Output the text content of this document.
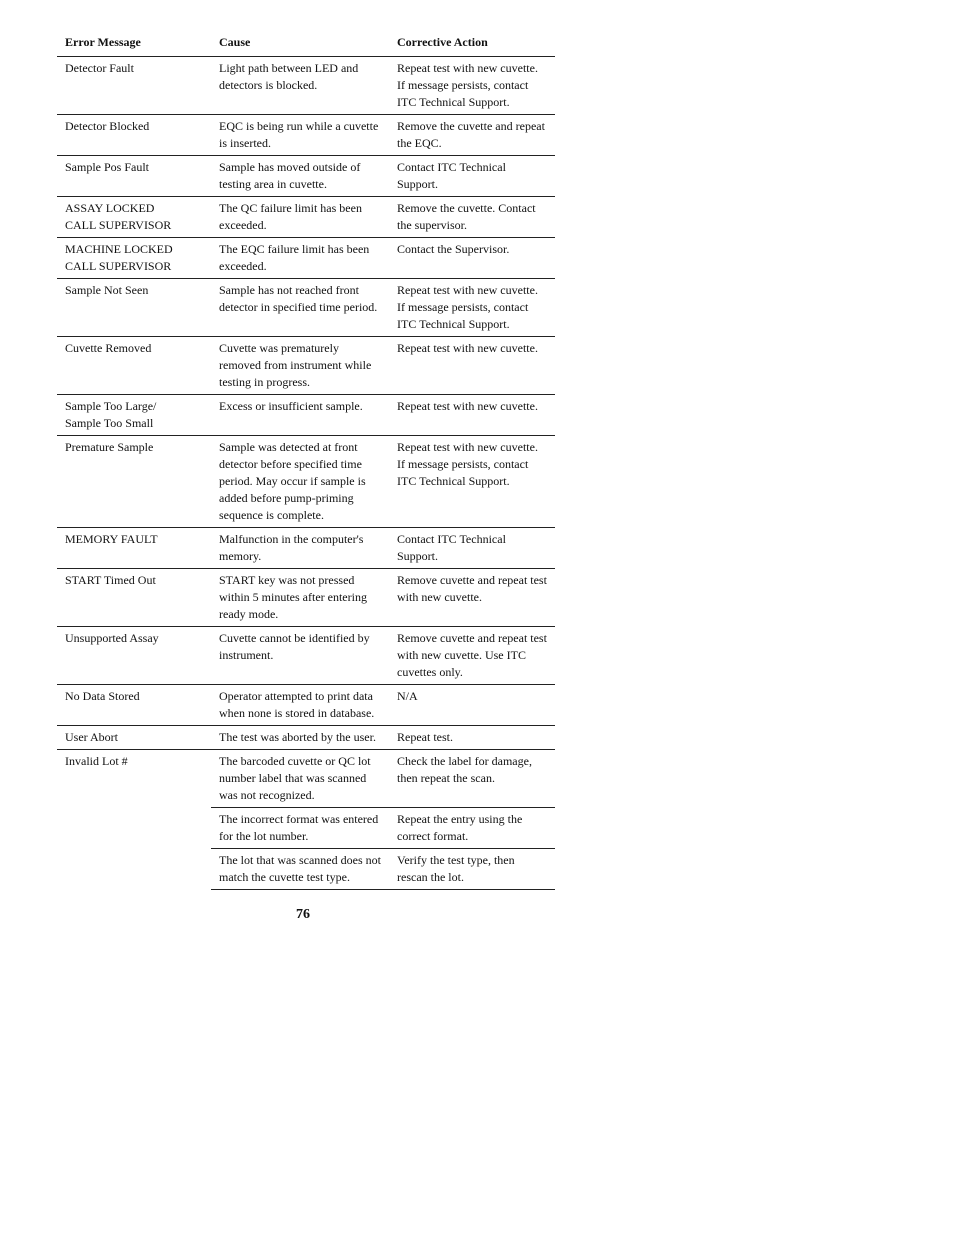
Error Message	Cause	Corrective Action
Detector Fault	Light path between LED and detectors is blocked.	Repeat test with new cuvette. If message persists, contact ITC Technical Support.
Detector Blocked	EQC is being run while a cuvette is inserted.	Remove the cuvette and repeat the EQC.
Sample Pos Fault	Sample has moved outside of testing area in cuvette.	Contact ITC Technical Support.
ASSAY LOCKED
CALL SUPERVISOR	The QC failure limit has been exceeded.	Remove the cuvette. Contact the supervisor.
MACHINE LOCKED
CALL SUPERVISOR	The EQC failure limit has been exceeded.	Contact the Supervisor.
Sample Not Seen	Sample has not reached front detector in specified time period.	Repeat test with new cuvette. If message persists, contact ITC Technical Support.
Cuvette Removed	Cuvette was prematurely removed from instrument while testing in progress.	Repeat test with new cuvette.
Sample Too Large/
Sample Too Small	Excess or insufficient sample.	Repeat test with new cuvette.
Premature Sample	Sample was detected at front detector before specified time period. May occur if sample is added before pump-priming sequence is complete.	Repeat test with new cuvette. If message persists, contact ITC Technical Support.
MEMORY FAULT	Malfunction in the computer's memory.	Contact ITC Technical Support.
START Timed Out	START key was not pressed within 5 minutes after entering ready mode.	Remove cuvette and repeat test with new cuvette.
Unsupported Assay	Cuvette cannot be identified by instrument.	Remove cuvette and repeat test with new cuvette. Use ITC cuvettes only.
No Data Stored	Operator attempted to print data when none is stored in database.	N/A
User Abort	The test was aborted by the user.	Repeat test.
Invalid Lot #	The barcoded cuvette or QC lot number label that was scanned was not recognized.	Check the label for damage, then repeat the scan.
	The incorrect format was entered for the lot number.	Repeat the entry using the correct format.
	The lot that was scanned does not match the cuvette test type.	Verify the test type, then rescan the lot.
76
